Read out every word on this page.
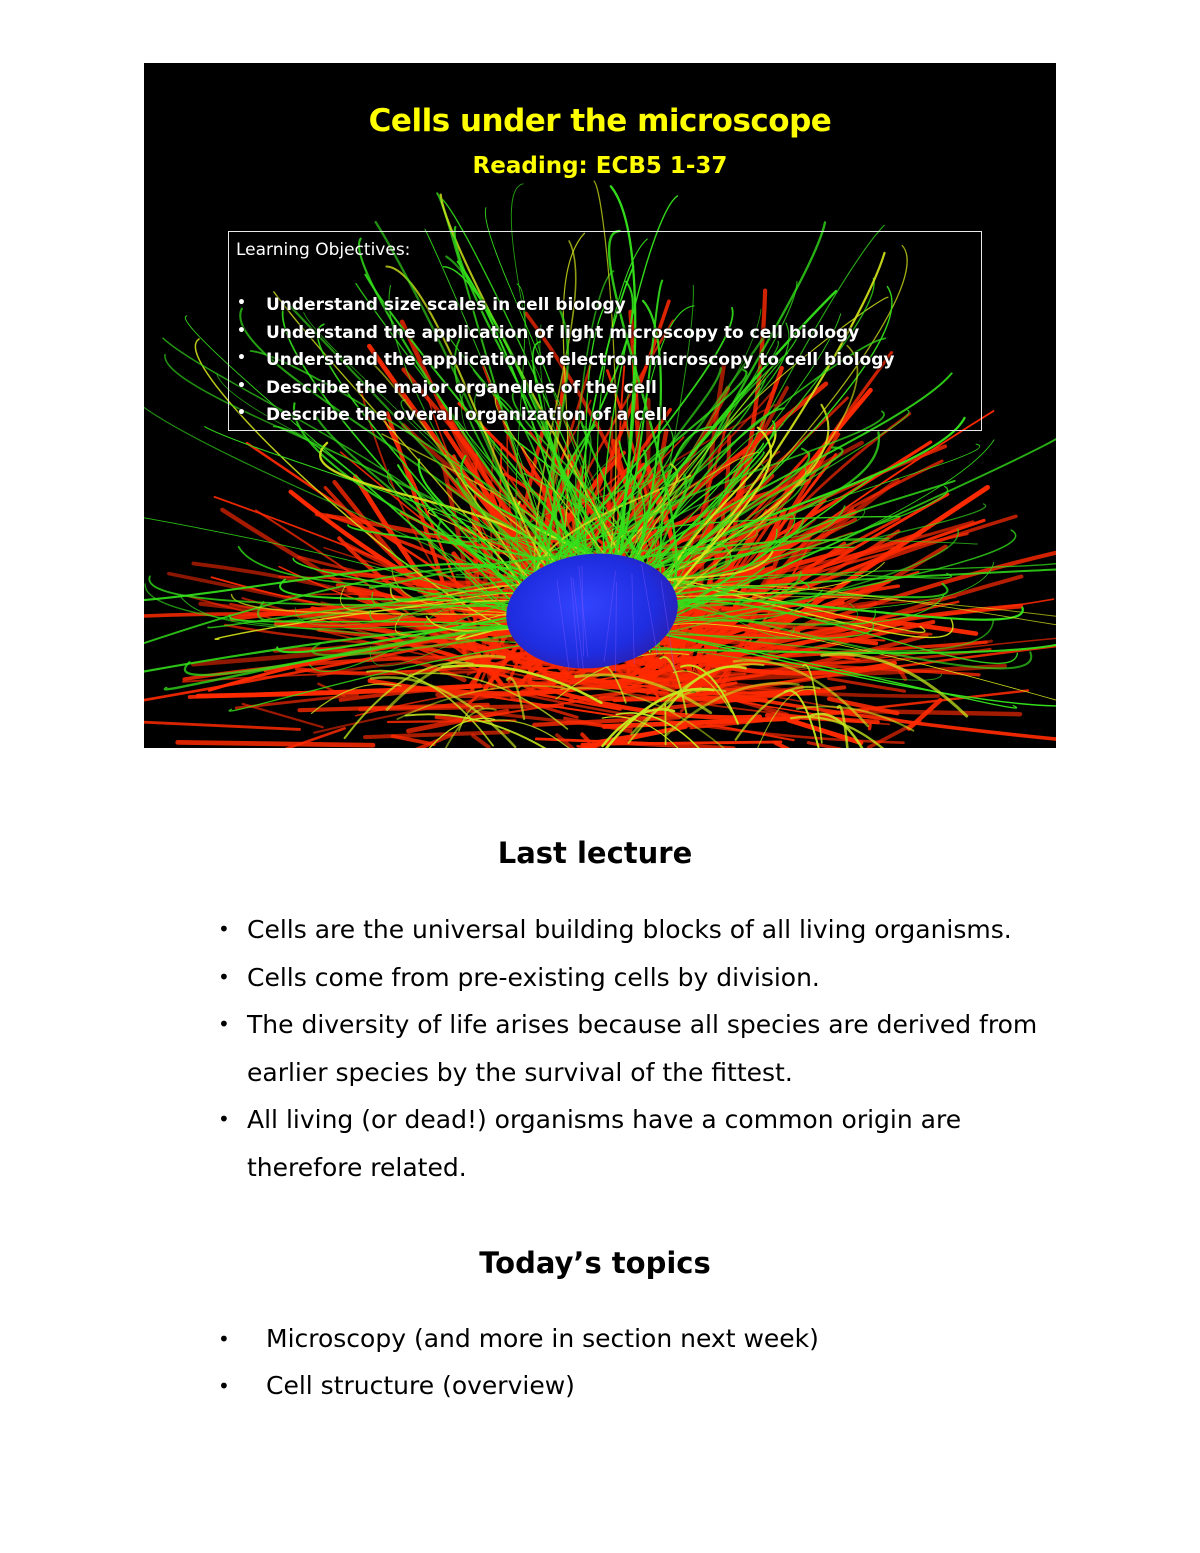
Cells under the microscope
Reading: ECB5 1-37
Learning Objectives:
• Understand size scales in cell biology
• Understand the application of light microscopy to cell biology
• Understand the application of electron microscopy to cell biology
• Describe the major organelles of the cell
• Describe the overall organization of a cell
Last lecture
• Cells are the universal building blocks of all living organisms.
• Cells come from pre-existing cells by division.
• The diversity of life arises because all species are derived from earlier species by the survival of the fittest.
• All living (or dead!) organisms have a common origin are therefore related.
Today’s topics
• Microscopy (and more in section next week)
• Cell structure (overview)
